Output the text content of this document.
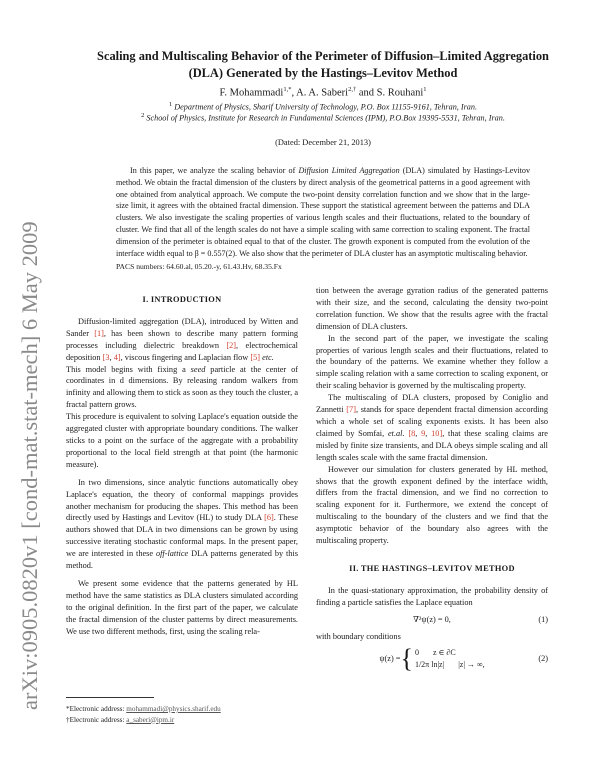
arXiv:0905.0820v1 [cond-mat.stat-mech] 6 May 2009
Scaling and Multiscaling Behavior of the Perimeter of Diffusion–Limited Aggregation
(DLA) Generated by the Hastings–Levitov Method
F. Mohammadi$^{1,*}$, A. A. Saberi$^{2,\dagger}$ and S. Rouhani$^1$
$^1$ Department of Physics, Sharif University of Technology, P.O. Box 11155-9161, Tehran, Iran.
$^2$ School of Physics, Institute for Research in Fundamental Sciences (IPM), P.O.Box 19395-5531, Tehran, Iran.
(Dated: December 21, 2013)
In this paper, we analyze the scaling behavior of Diffusion Limited Aggregation (DLA) simulated by Hastings-Levitov method. We obtain the fractal dimension of the clusters by direct analysis of the geometrical patterns in a good agreement with one obtained from analytical approach. We compute the two-point density correlation function and we show that in the large-size limit, it agrees with the obtained fractal dimension. These support the statistical agreement between the patterns and DLA clusters. We also investigate the scaling properties of various length scales and their fluctuations, related to the boundary of cluster. We find that all of the length scales do not have a simple scaling with same correction to scaling exponent. The fractal dimension of the perimeter is obtained equal to that of the cluster. The growth exponent is computed from the evolution of the interface width equal to β = 0.557(2). We also show that the perimeter of DLA cluster has an asymptotic multiscaling behavior.
PACS numbers: 64.60.al, 05.20.-y, 61.43.Hv, 68.35.Fx
I. INTRODUCTION

Diffusion-limited aggregation (DLA), introduced by Witten and Sander [1], has been shown to describe many pattern forming processes including dielectric breakdown [2], electrochemical deposition [3, 4], viscous fingering and Laplacian flow [5] etc.

This model begins with fixing a seed particle at the center of coordinates in d dimensions. By releasing random walkers from infinity and allowing them to stick as soon as they touch the cluster, a fractal pattern grows.

This procedure is equivalent to solving Laplace's equation outside the aggregated cluster with appropriate boundary conditions. The walker sticks to a point on the surface of the aggregate with a probability proportional to the local field strength at that point (the harmonic measure).

In two dimensions, since analytic functions automatically obey Laplace's equation, the theory of conformal mappings provides another mechanism for producing the shapes. This method has been directly used by Hastings and Levitov (HL) to study DLA [6]. These authors showed that DLA in two dimensions can be grown by using successive iterating stochastic conformal maps. In the present paper, we are interested in these off-lattice DLA patterns generated by this method.

We present some evidence that the patterns generated by HL method have the same statistics as DLA clusters simulated according to the original definition. In the first part of the paper, we calculate the fractal dimension of the cluster patterns by direct measurements. We use two different methods, first, using the scaling rela-

tion between the average gyration radius of the generated patterns with their size, and the second, calculating the density two-point correlation function. We show that the results agree with the fractal dimension of DLA clusters.

In the second part of the paper, we investigate the scaling properties of various length scales and their fluctuations, related to the boundary of the patterns. We examine whether they follow a simple scaling relation with a same correction to scaling exponent, or their scaling behavior is governed by the multiscaling property.

The multiscaling of DLA clusters, proposed by Coniglio and Zannetti [7], stands for space dependent fractal dimension according which a whole set of scaling exponents exists. It has been also claimed by Somfai, et.al. [8, 9, 10], that these scaling claims are misled by finite size transients, and DLA obeys simple scaling and all length scales scale with the same fractal dimension.

However our simulation for clusters generated by HL method, shows that the growth exponent defined by the interface width, differs from the fractal dimension, and we find no correction to scaling exponent for it. Furthermore, we extend the concept of multiscaling to the boundary of the clusters and we find that the asymptotic behavior of the boundary also agrees with the multiscaling property.

II. THE HASTINGS–LEVITOV METHOD

In the quasi-stationary approximation, the probability density of finding a particle satisfies the Laplace equation

∇²ψ(z) = 0,	(1)

with boundary conditions

ψ(z) = { 0 z ∈ ∂C
1/2π ln|z| |z| → ∞,
(2)
*Electronic address: mohammadi@physics.sharif.edu
†Electronic address: a_saberi@ipm.ir
